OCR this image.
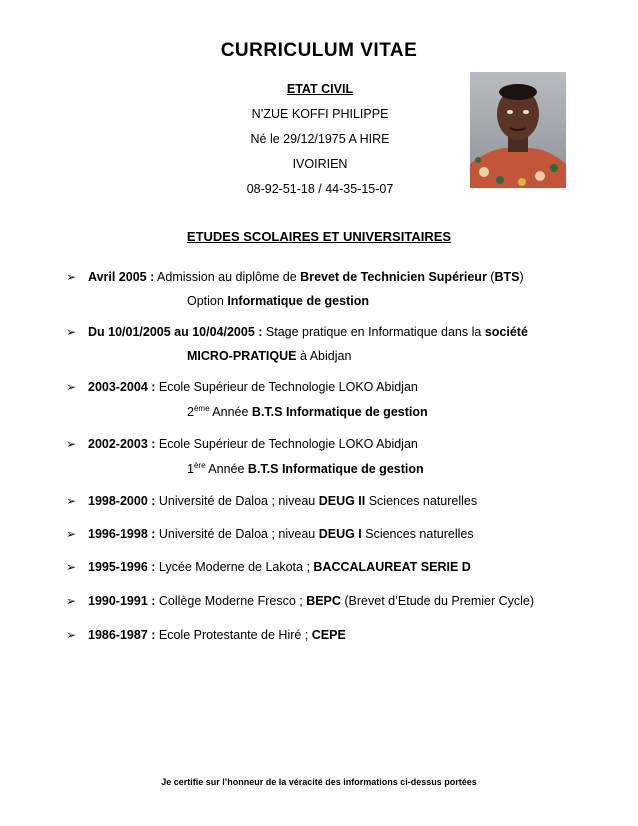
CURRICULUM VITAE
ETAT CIVIL
N’ZUE KOFFI PHILIPPE
Né le 29/12/1975 A HIRE
IVOIRIEN
08-92-51-18 / 44-35-15-07
ETUDES SCOLAIRES ET UNIVERSITAIRES
➢ Avril 2005 : Admission au diplôme de Brevet de Technicien Supérieur (BTS)
Option Informatique de gestion
➢ Du 10/01/2005 au 10/04/2005 : Stage pratique en Informatique dans la société
MICRO-PRATIQUE à Abidjan
➢ 2003-2004 : Ecole Supérieur de Technologie LOKO Abidjan
2ème Année B.T.S Informatique de gestion
➢ 2002-2003 : Ecole Supérieur de Technologie LOKO Abidjan
1ère Année B.T.S Informatique de gestion
➢ 1998-2000 : Université de Daloa ; niveau DEUG II Sciences naturelles
➢ 1996-1998 : Université de Daloa ; niveau DEUG I Sciences naturelles
➢ 1995-1996 : Lycée Moderne de Lakota ; BACCALAUREAT SERIE D
➢ 1990-1991 : Collège Moderne Fresco ; BEPC (Brevet d’Etude du Premier Cycle)
➢ 1986-1987 : Ecole Protestante de Hiré ; CEPE
Je certifie sur l’honneur de la véracité des informations ci-dessus portées
